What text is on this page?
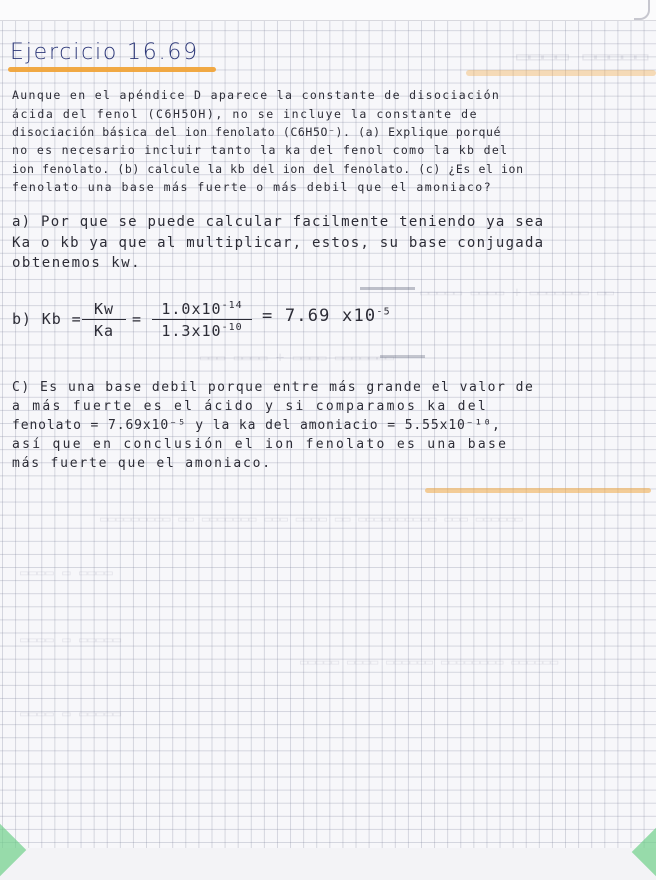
▭▭▭▭▭ ▭▭▭▭
▭▭ ▭▭▭▭▭▭▭ + ▭▭▭▭ ▭▭▭▭▭
▭▭▭▭▭▭▭ ▭▭▭▭ + ▭▭▭▭ ▭▭▭
▭▭▭▭▭▭ ▭▭▭ ▭▭▭▭▭▭▭▭▭▭ ▭▭ ▭▭▭▭ ▭▭▭ ▭▭▭▭▭▭▭ ▭▭ ▭▭▭▭▭▭▭▭▭
▭▭▭▭ ▭ ▭▭▭▭
▭▭▭▭▭ ▭ ▭▭▭▭
▭▭▭▭▭▭ ▭▭▭▭▭▭▭▭ ▭▭▭▭▭▭ ▭▭▭▭ ▭▭▭▭▭
▭▭▭▭▭ ▭ ▭▭▭▭
Ejercicio 16.69
Aunque en el apéndice D aparece la constante de disociación
ácida del fenol (C6H5OH), no se incluye la constante de
disociación básica del ion fenolato (C6H5O⁻). (a) Explique porqué
no es necesario incluir tanto la ka del fenol como la kb del
ion fenolato. (b) calcule la kb del ion del fenolato. (c) ¿Es el ion
fenolato una base más fuerte o más debil que el amoniaco?
a) Por que se puede calcular facilmente teniendo ya sea
Ka o kb ya que al multiplicar, estos, su base conjugada
obtenemos kw.
b) $Kb = \frac{Kw}{Ka} = \frac{1.0x10^{-14}}{1.3x10^{-10}} = 7.69$ $x10^{-5}$
C) Es una base debil porque entre más grande el valor de
a más fuerte es el ácido y si comparamos ka del
fenolato = 7.69x10⁻⁵ y la ka del amoniacio = 5.55x10⁻¹⁰,
así que en conclusión el ion fenolato es una base
más fuerte que el amoniaco.
